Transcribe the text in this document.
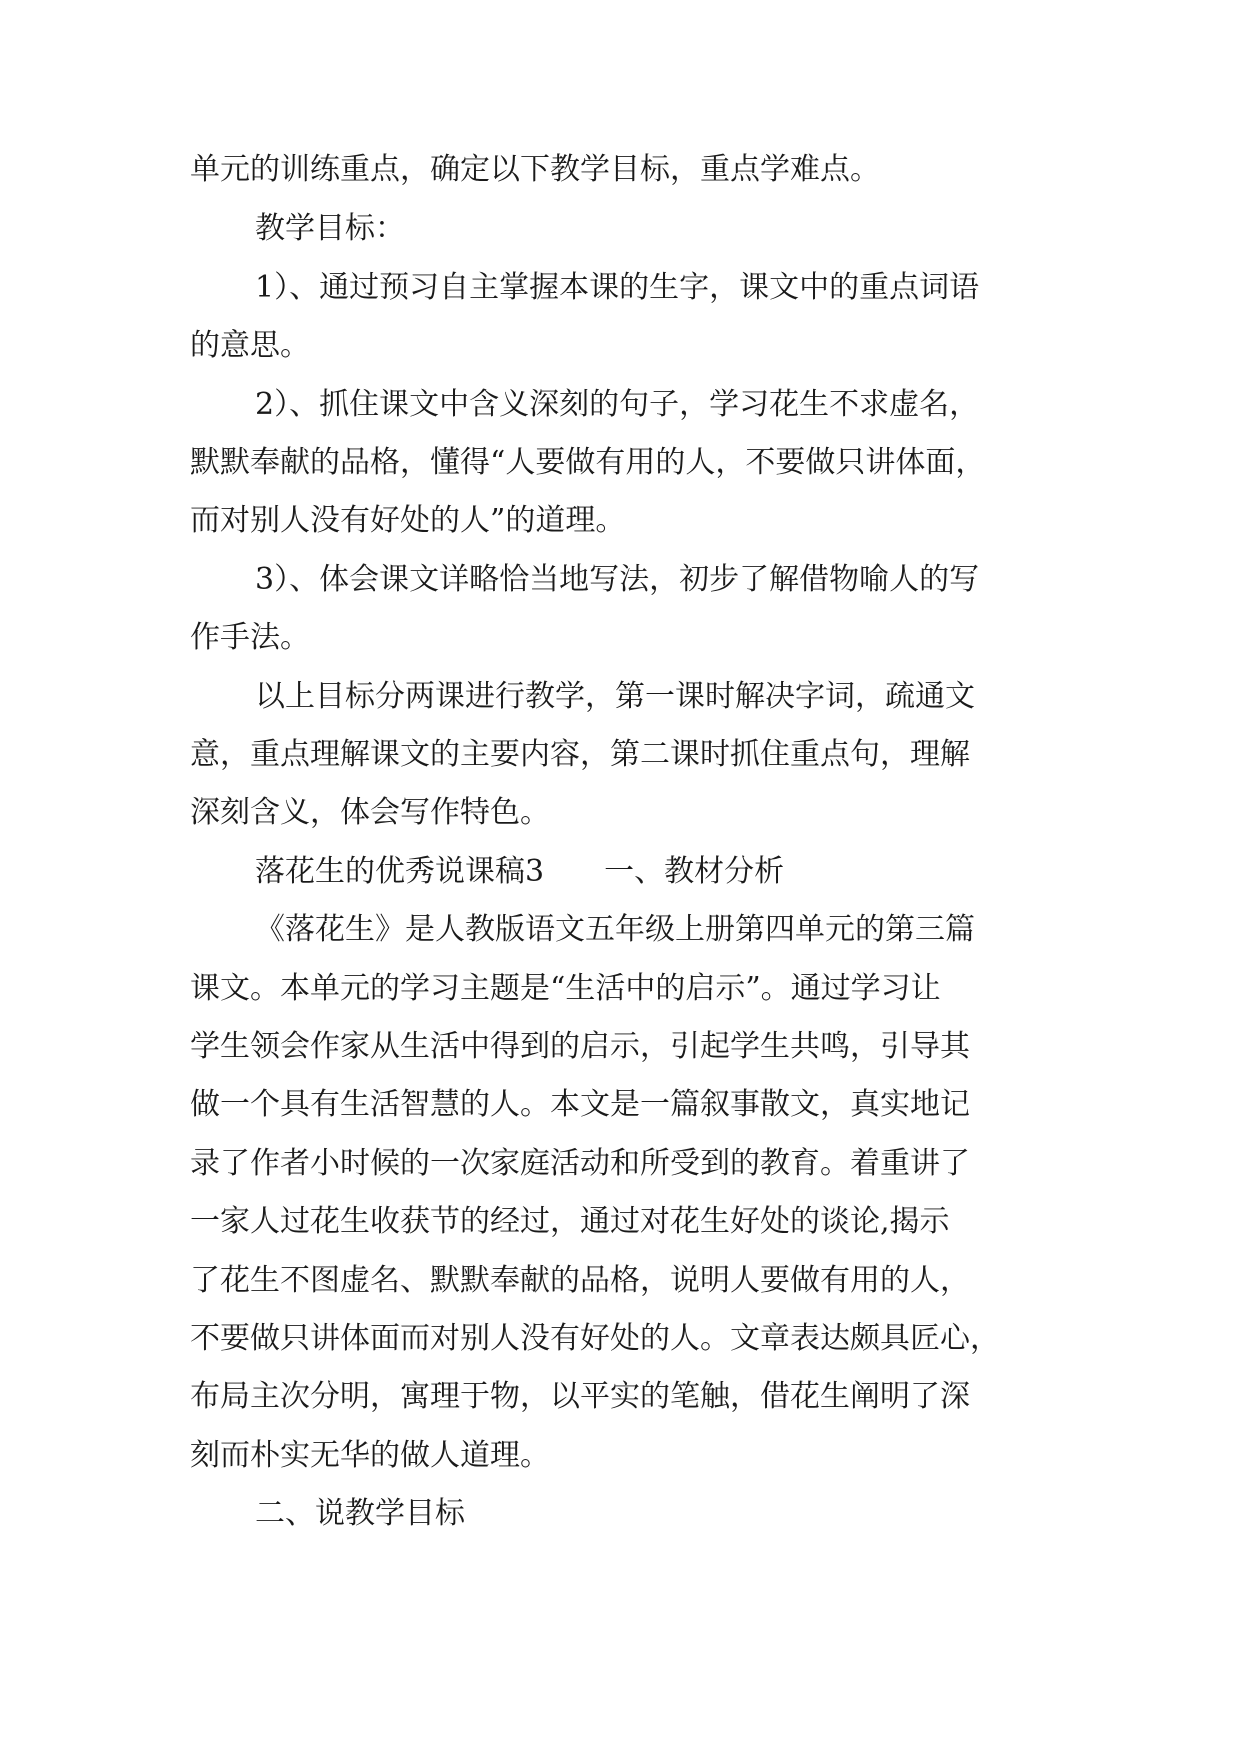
单元的训练重点，确定以下教学目标，重点学难点。
教学目标：
1）、通过预习自主掌握本课的生字，课文中的重点词语
的意思。
2）、抓住课文中含义深刻的句子，学习花生不求虚名，
默默奉献的品格，懂得“人要做有用的人，不要做只讲体面，
而对别人没有好处的人”的道理。
3）、体会课文详略恰当地写法，初步了解借物喻人的写
作手法。
以上目标分两课进行教学，第一课时解决字词，疏通文
意，重点理解课文的主要内容，第二课时抓住重点句，理解
深刻含义，体会写作特色。
落花生的优秀说课稿3　　一、教材分析
《落花生》是人教版语文五年级上册第四单元的第三篇
课文。本单元的学习主题是“生活中的启示”。通过学习让
学生领会作家从生活中得到的启示，引起学生共鸣，引导其
做一个具有生活智慧的人。本文是一篇叙事散文，真实地记
录了作者小时候的一次家庭活动和所受到的教育。着重讲了
一家人过花生收获节的经过，通过对花生好处的谈论,揭示
了花生不图虚名、默默奉献的品格，说明人要做有用的人，
不要做只讲体面而对别人没有好处的人。文章表达颇具匠心，
布局主次分明，寓理于物，以平实的笔触，借花生阐明了深
刻而朴实无华的做人道理。
二、说教学目标
